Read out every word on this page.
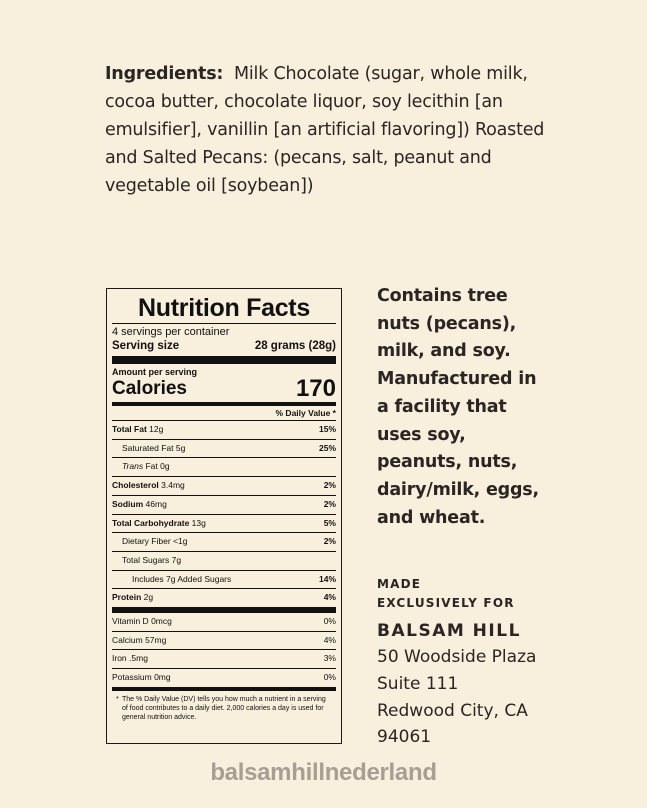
Ingredients: Milk Chocolate (sugar, whole milk, cocoa butter, chocolate liquor, soy lecithin [an emulsifier], vanillin [an artificial flavoring]) Roasted and Salted Pecans: (pecans, salt, peanut and vegetable oil [soybean])
Nutrition Facts
4 servings per container
Serving size	28 grams (28g)
Amount per serving
Calories	170
% Daily Value *
Total Fat 12g	15%
Saturated Fat 5g	25%
Trans Fat 0g
Cholesterol 3.4mg	2%
Sodium 46mg	2%
Total Carbohydrate 13g	5%
Dietary Fiber <1g	2%
Total Sugars 7g
Includes 7g Added Sugars	14%
Protein 2g	4%
Vitamin D 0mcg	0%
Calcium 57mg	4%
Iron .5mg	3%
Potassium 0mg	0%
* The % Daily Value (DV) tells you how much a nutrient in a serving of food contributes to a daily diet. 2,000 calories a day is used for general nutrition advice.
Contains tree nuts (pecans), milk, and soy. Manufactured in a facility that uses soy, peanuts, nuts, dairy/milk, eggs, and wheat.
MADE
EXCLUSIVELY FOR
BALSAM HILL
50 Woodside Plaza
Suite 111
Redwood City, CA
94061
balsamhillnederland
